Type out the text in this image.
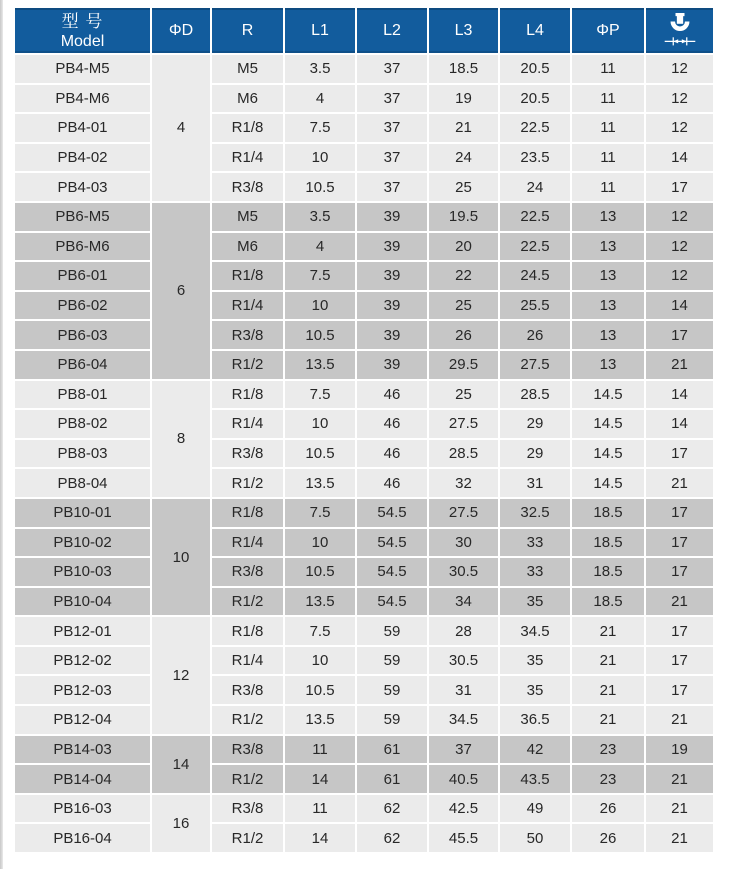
型 号
Model	ΦD	R	L1	L2	L3	L4	ΦP	

PB4-M5	4	M5	3.5	37	18.5	20.5	11	12
PB4-M6		M6	4	37	19	20.5	11	12
PB4-01		R1/8	7.5	37	21	22.5	11	12
PB4-02		R1/4	10	37	24	23.5	11	14
PB4-03		R3/8	10.5	37	25	24	11	17
PB6-M5	6	M5	3.5	39	19.5	22.5	13	12
PB6-M6		M6	4	39	20	22.5	13	12
PB6-01		R1/8	7.5	39	22	24.5	13	12
PB6-02		R1/4	10	39	25	25.5	13	14
PB6-03		R3/8	10.5	39	26	26	13	17
PB6-04		R1/2	13.5	39	29.5	27.5	13	21
PB8-01	8	R1/8	7.5	46	25	28.5	14.5	14
PB8-02		R1/4	10	46	27.5	29	14.5	14
PB8-03		R3/8	10.5	46	28.5	29	14.5	17
PB8-04		R1/2	13.5	46	32	31	14.5	21
PB10-01	10	R1/8	7.5	54.5	27.5	32.5	18.5	17
PB10-02		R1/4	10	54.5	30	33	18.5	17
PB10-03		R3/8	10.5	54.5	30.5	33	18.5	17
PB10-04		R1/2	13.5	54.5	34	35	18.5	21
PB12-01	12	R1/8	7.5	59	28	34.5	21	17
PB12-02		R1/4	10	59	30.5	35	21	17
PB12-03		R3/8	10.5	59	31	35	21	17
PB12-04		R1/2	13.5	59	34.5	36.5	21	21
PB14-03	14	R3/8	11	61	37	42	23	19
PB14-04		R1/2	14	61	40.5	43.5	23	21
PB16-03	16	R3/8	11	62	42.5	49	26	21
PB16-04		R1/2	14	62	45.5	50	26	21
